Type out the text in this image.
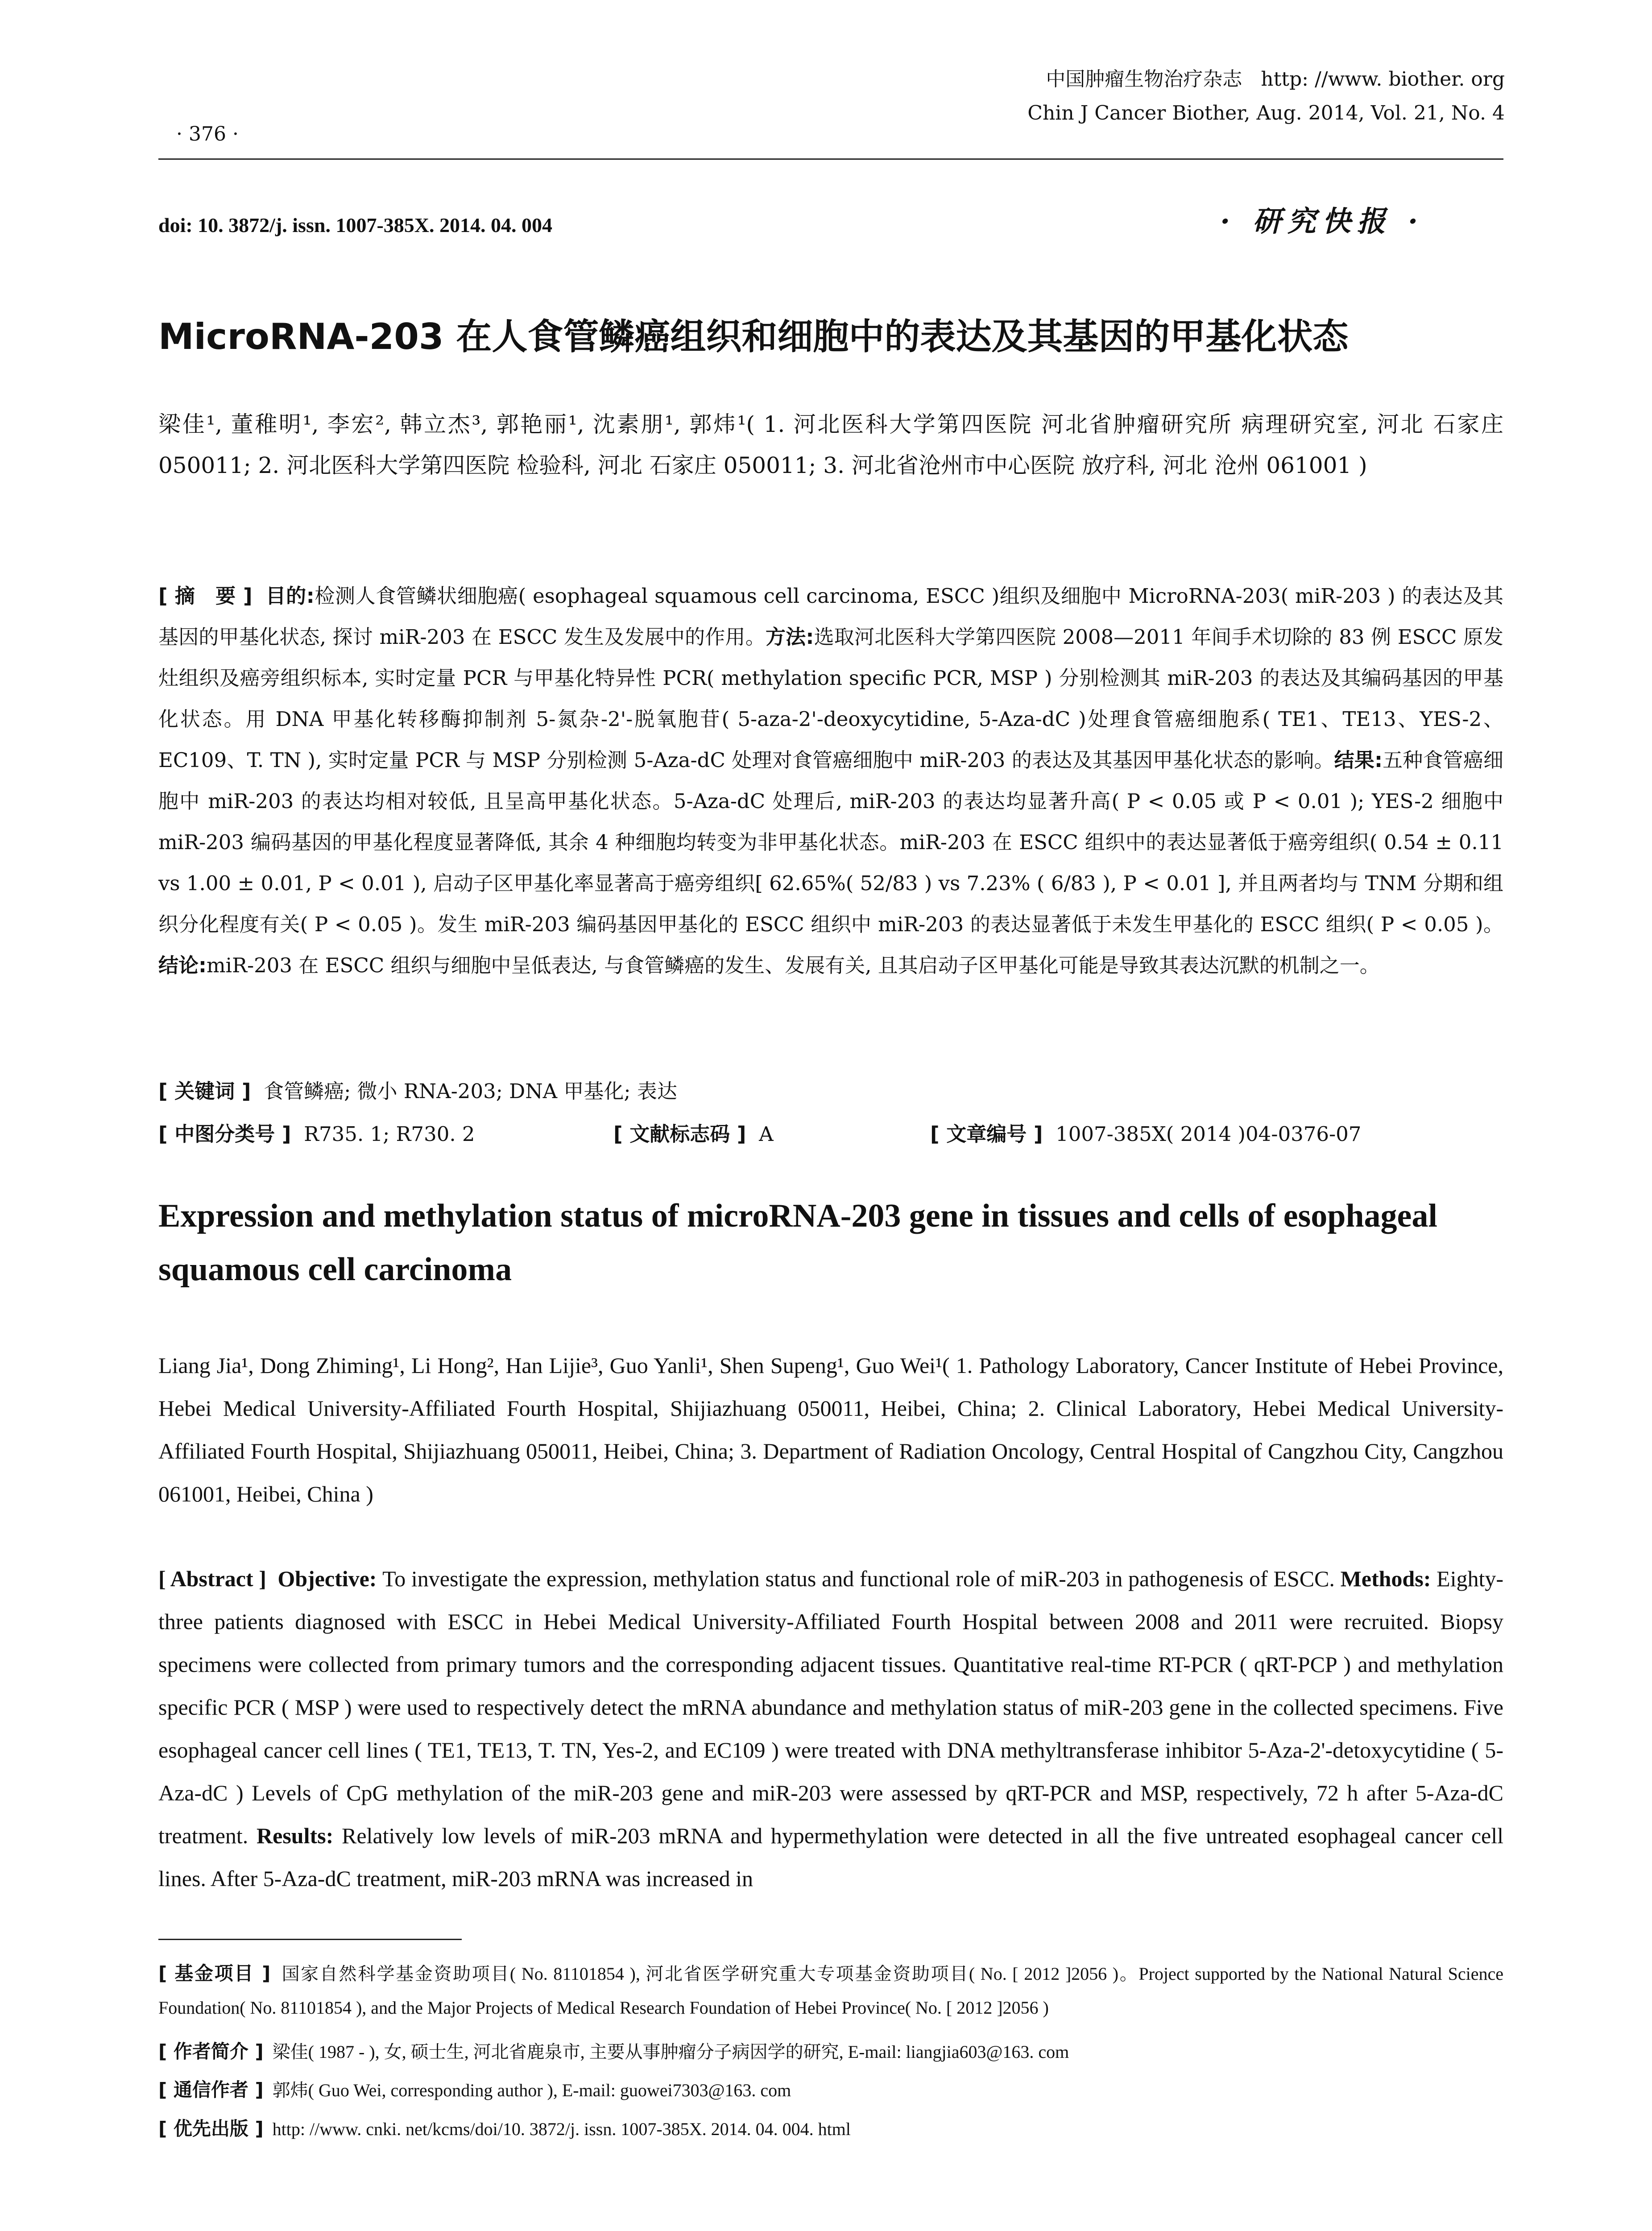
中国肿瘤生物治疗杂志 http: //www. biother. org
Chin J Cancer Biother, Aug. 2014, Vol. 21, No. 4
· 376 ·
doi: 10. 3872/j. issn. 1007-385X. 2014. 04. 004	· 研究快报 ·
MicroRNA-203 在人食管鳞癌组织和细胞中的表达及其基因的甲基化状态
梁佳¹, 董稚明¹, 李宏², 韩立杰³, 郭艳丽¹, 沈素朋¹, 郭炜¹( 1. 河北医科大学第四医院 河北省肿瘤研究所 病理研究室, 河北 石家庄 050011; 2. 河北医科大学第四医院 检验科, 河北 石家庄 050011; 3. 河北省沧州市中心医院 放疗科, 河北 沧州 061001 )
[ 摘　要 ] 目的:检测人食管鳞状细胞癌( esophageal squamous cell carcinoma, ESCC )组织及细胞中 MicroRNA-203( miR-203 ) 的表达及其基因的甲基化状态, 探讨 miR-203 在 ESCC 发生及发展中的作用。方法:选取河北医科大学第四医院 2008—2011 年间手术切除的 83 例 ESCC 原发灶组织及癌旁组织标本, 实时定量 PCR 与甲基化特异性 PCR( methylation specific PCR, MSP ) 分别检测其 miR-203 的表达及其编码基因的甲基化状态。用 DNA 甲基化转移酶抑制剂 5-氮杂-2'-脱氧胞苷( 5-aza-2'-deoxycytidine, 5-Aza-dC )处理食管癌细胞系( TE1、TE13、YES-2、EC109、T. TN ), 实时定量 PCR 与 MSP 分别检测 5-Aza-dC 处理对食管癌细胞中 miR-203 的表达及其基因甲基化状态的影响。结果:五种食管癌细胞中 miR-203 的表达均相对较低, 且呈高甲基化状态。5-Aza-dC 处理后, miR-203 的表达均显著升高( P < 0.05 或 P < 0.01 ); YES-2 细胞中 miR-203 编码基因的甲基化程度显著降低, 其余 4 种细胞均转变为非甲基化状态。miR-203 在 ESCC 组织中的表达显著低于癌旁组织( 0.54 ± 0.11 vs 1.00 ± 0.01, P < 0.01 ), 启动子区甲基化率显著高于癌旁组织[ 62.65%( 52/83 ) vs 7.23% ( 6/83 ), P < 0.01 ], 并且两者均与 TNM 分期和组织分化程度有关( P < 0.05 )。发生 miR-203 编码基因甲基化的 ESCC 组织中 miR-203 的表达显著低于未发生甲基化的 ESCC 组织( P < 0.05 )。结论:miR-203 在 ESCC 组织与细胞中呈低表达, 与食管鳞癌的发生、发展有关, 且其启动子区甲基化可能是导致其表达沉默的机制之一。
[ 关键词 ] 食管鳞癌; 微小 RNA-203; DNA 甲基化; 表达
[ 中图分类号 ] R735. 1; R730. 2	[ 文献标志码 ] A	[ 文章编号 ] 1007-385X( 2014 )04-0376-07
Expression and methylation status of microRNA-203 gene in tissues and cells of esophageal squamous cell carcinoma
Liang Jia¹, Dong Zhiming¹, Li Hong², Han Lijie³, Guo Yanli¹, Shen Supeng¹, Guo Wei¹( 1. Pathology Laboratory, Cancer Institute of Hebei Province, Hebei Medical University-Affiliated Fourth Hospital, Shijiazhuang 050011, Heibei, China; 2. Clinical Laboratory, Hebei Medical University-Affiliated Fourth Hospital, Shijiazhuang 050011, Heibei, China; 3. Department of Radiation Oncology, Central Hospital of Cangzhou City, Cangzhou 061001, Heibei, China )
[ Abstract ] Objective: To investigate the expression, methylation status and functional role of miR-203 in pathogenesis of ESCC. Methods: Eighty-three patients diagnosed with ESCC in Hebei Medical University-Affiliated Fourth Hospital between 2008 and 2011 were recruited. Biopsy specimens were collected from primary tumors and the corresponding adjacent tissues. Quantitative real-time RT-PCR ( qRT-PCP ) and methylation specific PCR ( MSP ) were used to respectively detect the mRNA abundance and methylation status of miR-203 gene in the collected specimens. Five esophageal cancer cell lines ( TE1, TE13, T. TN, Yes-2, and EC109 ) were treated with DNA methyltransferase inhibitor 5-Aza-2'-detoxycytidine ( 5-Aza-dC ) Levels of CpG methylation of the miR-203 gene and miR-203 were assessed by qRT-PCR and MSP, respectively, 72 h after 5-Aza-dC treatment. Results: Relatively low levels of miR-203 mRNA and hypermethylation were detected in all the five untreated esophageal cancer cell lines. After 5-Aza-dC treatment, miR-203 mRNA was increased in
[ 基金项目 ] 国家自然科学基金资助项目( No. 81101854 ), 河北省医学研究重大专项基金资助项目( No. [ 2012 ]2056 )。Project supported by the National Natural Science Foundation( No. 81101854 ), and the Major Projects of Medical Research Foundation of Hebei Province( No. [ 2012 ]2056 )
[ 作者简介 ] 梁佳( 1987 - ), 女, 硕士生, 河北省鹿泉市, 主要从事肿瘤分子病因学的研究, E-mail: liangjia603@163. com
[ 通信作者 ] 郭炜( Guo Wei, corresponding author ), E-mail: guowei7303@163. com
[ 优先出版 ] http: //www. cnki. net/kcms/doi/10. 3872/j. issn. 1007-385X. 2014. 04. 004. html
